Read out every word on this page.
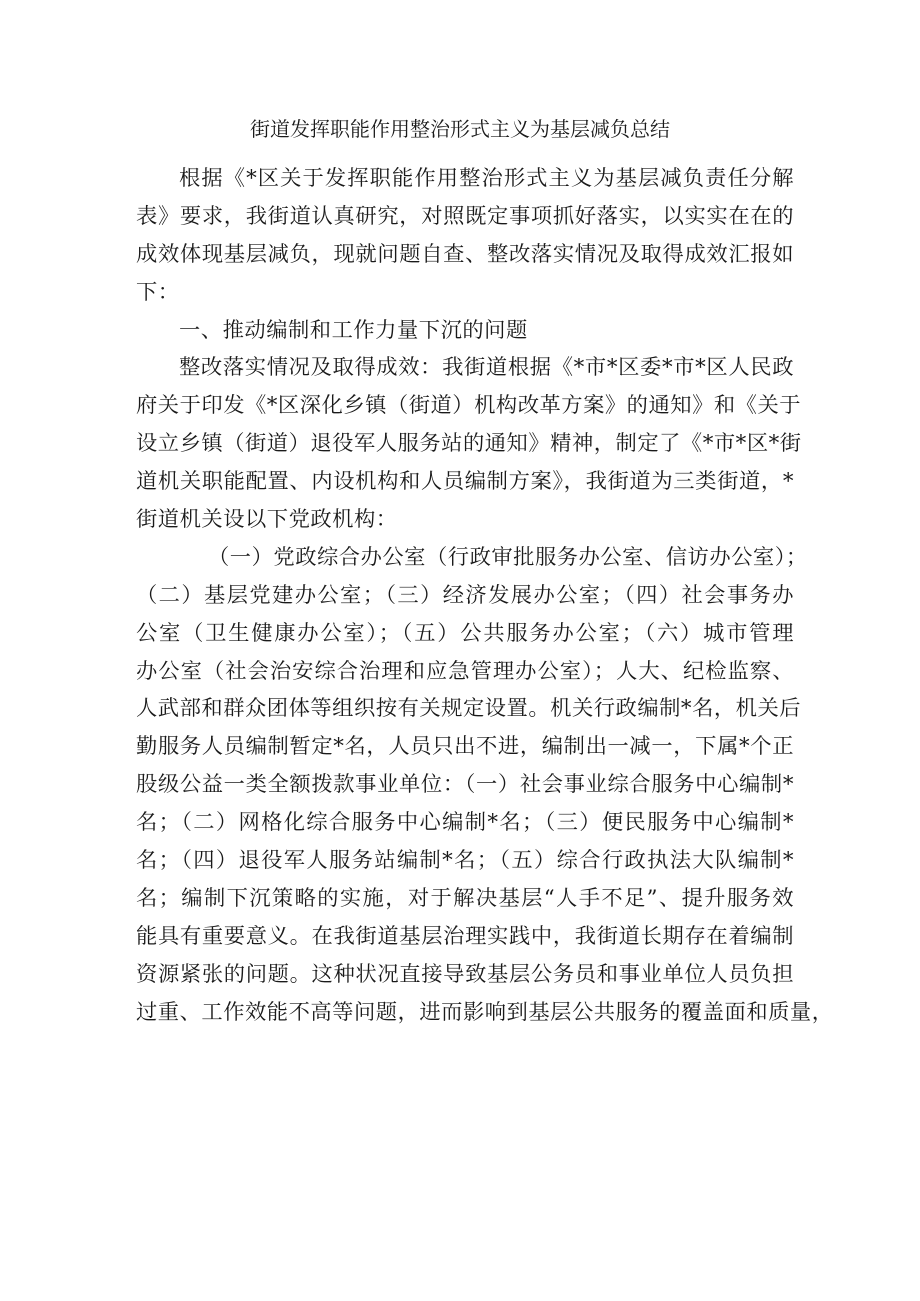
街道发挥职能作用整治形式主义为基层减负总结
根据《*区关于发挥职能作用整治形式主义为基层减负责任分解
表》要求，我街道认真研究，对照既定事项抓好落实，以实实在在的
成效体现基层减负，现就问题自查、整改落实情况及取得成效汇报如
下：
一、推动编制和工作力量下沉的问题
整改落实情况及取得成效：我街道根据《*市*区委*市*区人民政
府关于印发《*区深化乡镇（街道）机构改革方案》的通知》和《关于
设立乡镇（街道）退役军人服务站的通知》精神，制定了《*市*区*街
道机关职能配置、内设机构和人员编制方案》，我街道为三类街道，*
街道机关设以下党政机构：
（一）党政综合办公室（行政审批服务办公室、信访办公室）；
（二）基层党建办公室；（三）经济发展办公室；（四）社会事务办
公室（卫生健康办公室）；（五）公共服务办公室；（六）城市管理
办公室（社会治安综合治理和应急管理办公室）；人大、纪检监察、
人武部和群众团体等组织按有关规定设置。机关行政编制*名，机关后
勤服务人员编制暂定*名，人员只出不进，编制出一减一，下属*个正
股级公益一类全额拨款事业单位：（一）社会事业综合服务中心编制*
名；（二）网格化综合服务中心编制*名；（三）便民服务中心编制*
名；（四）退役军人服务站编制*名；（五）综合行政执法大队编制*
名；编制下沉策略的实施，对于解决基层“人手不足”、提升服务效
能具有重要意义。在我街道基层治理实践中，我街道长期存在着编制
资源紧张的问题。这种状况直接导致基层公务员和事业单位人员负担
过重、工作效能不高等问题，进而影响到基层公共服务的覆盖面和质量，
